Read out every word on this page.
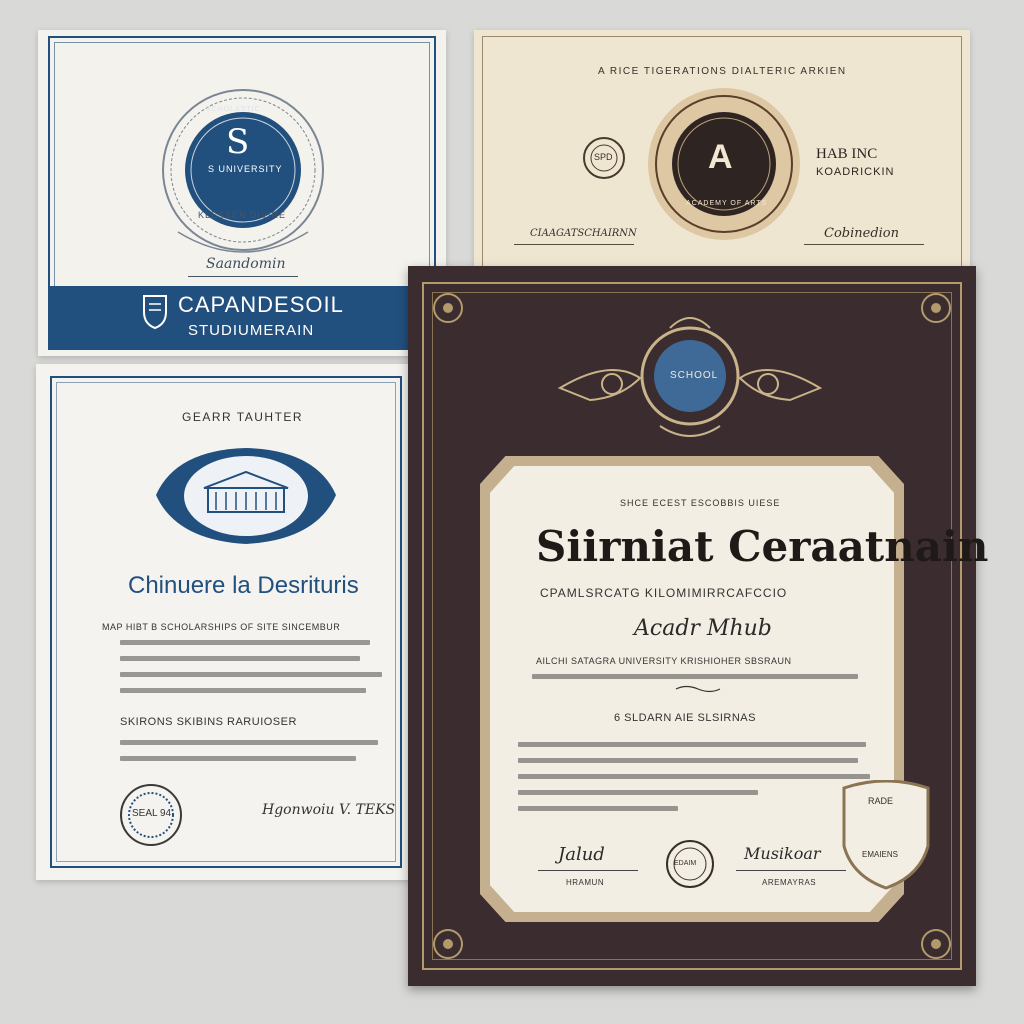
S
SCHOLASTIC
S UNIVERSITY
KLESSEN DIVIRE
Saandomin
CAPANDESOIL
STUDIUMERAIN
A RICE TIGERATIONS DIALTERIC ARKIEN
A
ACADEMY OF ARTS
SPD	HAB INC
KOADRICKIN
CIAAGATSCHAIRNN	Cobinedion
GEARR TAUHTER
Chinuere la Desrituris
MAP HIBT B SCHOLARSHIPS OF SITE SINCEMBUR
SKIRONS SKIBINS RARUIOSER
SEAL 94	Hgonwoiu V. TEKS
SCHOOL
SHCE ECEST ESCOBBIS UIESE
Siirniat Ceraatnain
CPAMLSRCATG KILOMIMIRRCAFCCIO
Acadr Mhub
AILCHI SATAGRA UNIVERSITY KRISHIOHER SBSRAUN
6 SLDARN AIE SLSIRNAS
Jalud
HRAMUN
EDAIM
Musikoar
AREMAYRAS
RADE
EMAIENS
